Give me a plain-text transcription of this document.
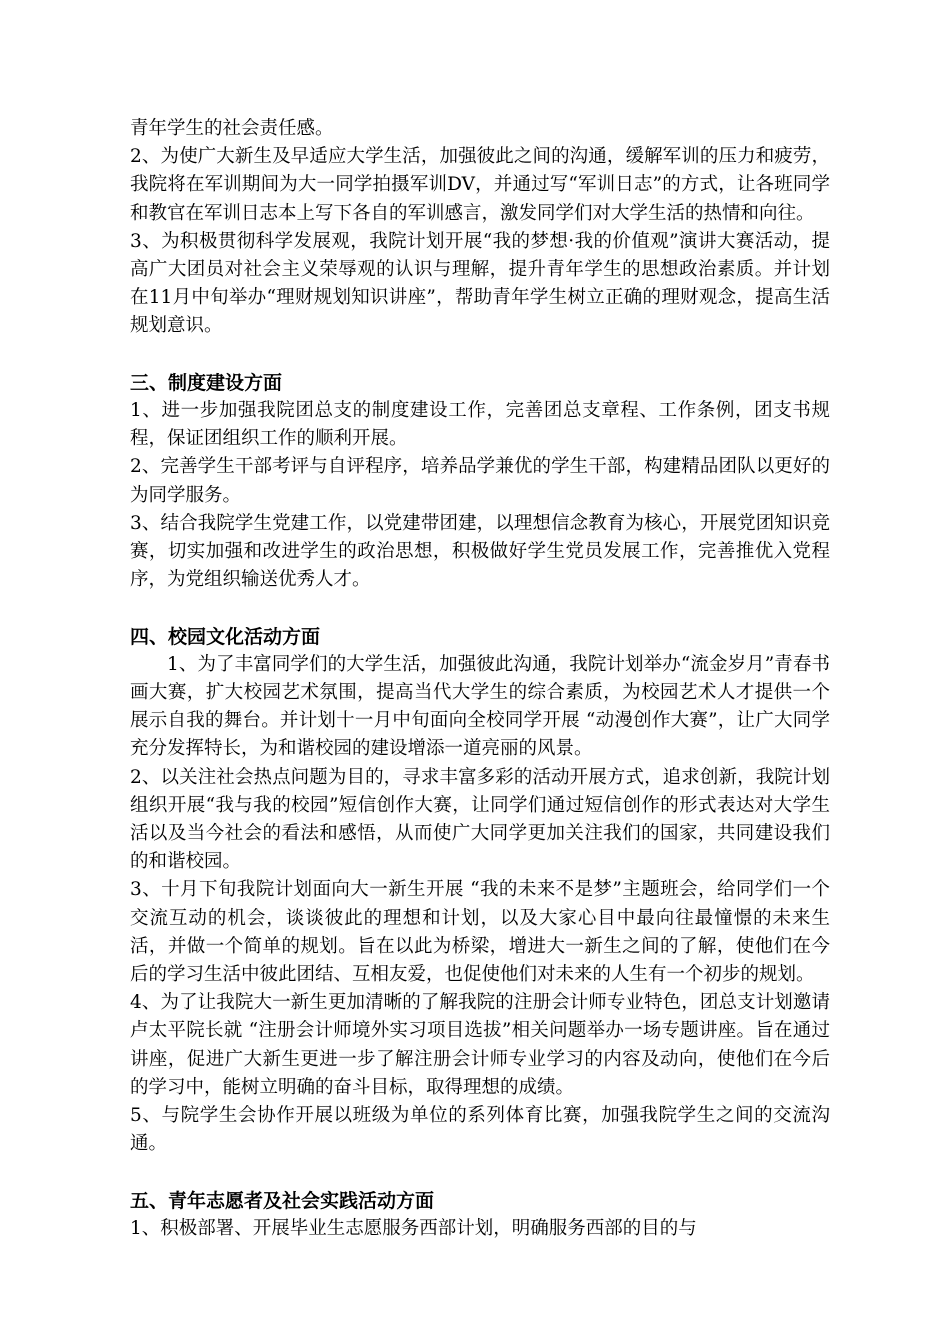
青年学生的社会责任感。

2、为使广大新生及早适应大学生活，加强彼此之间的沟通，缓解军训的压力和疲劳，我院将在军训期间为大一同学拍摄军训DV，并通过写“军训日志”的方式，让各班同学和教官在军训日志本上写下各自的军训感言，激发同学们对大学生活的热情和向往。

3、为积极贯彻科学发展观，我院计划开展“我的梦想·我的价值观”演讲大赛活动，提高广大团员对社会主义荣辱观的认识与理解，提升青年学生的思想政治素质。并计划在11月中旬举办“理财规划知识讲座”，帮助青年学生树立正确的理财观念，提高生活规划意识。

三、制度建设方面

1、进一步加强我院团总支的制度建设工作，完善团总支章程、工作条例，团支书规程，保证团组织工作的顺利开展。

2、完善学生干部考评与自评程序，培养品学兼优的学生干部，构建精品团队以更好的为同学服务。

3、结合我院学生党建工作，以党建带团建，以理想信念教育为核心，开展党团知识竞赛，切实加强和改进学生的政治思想，积极做好学生党员发展工作，完善推优入党程序，为党组织输送优秀人才。

四、校园文化活动方面

1、为了丰富同学们的大学生活，加强彼此沟通，我院计划举办“流金岁月”青春书画大赛，扩大校园艺术氛围，提高当代大学生的综合素质，为校园艺术人才提供一个展示自我的舞台。并计划十一月中旬面向全校同学开展 “动漫创作大赛”，让广大同学充分发挥特长，为和谐校园的建设增添一道亮丽的风景。

2、以关注社会热点问题为目的，寻求丰富多彩的活动开展方式，追求创新，我院计划组织开展“我与我的校园”短信创作大赛，让同学们通过短信创作的形式表达对大学生活以及当今社会的看法和感悟，从而使广大同学更加关注我们的国家，共同建设我们的和谐校园。

3、十月下旬我院计划面向大一新生开展 “我的未来不是梦”主题班会，给同学们一个交流互动的机会，谈谈彼此的理想和计划，以及大家心目中最向往最憧憬的未来生活，并做一个简单的规划。旨在以此为桥梁，增进大一新生之间的了解，使他们在今后的学习生活中彼此团结、互相友爱，也促使他们对未来的人生有一个初步的规划。

4、为了让我院大一新生更加清晰的了解我院的注册会计师专业特色，团总支计划邀请卢太平院长就 “注册会计师境外实习项目选拔”相关问题举办一场专题讲座。旨在通过讲座，促进广大新生更进一步了解注册会计师专业学习的内容及动向，使他们在今后的学习中，能树立明确的奋斗目标，取得理想的成绩。

5、与院学生会协作开展以班级为单位的系列体育比赛，加强我院学生之间的交流沟通。

五、青年志愿者及社会实践活动方面

1、积极部署、开展毕业生志愿服务西部计划，明确服务西部的目的与
